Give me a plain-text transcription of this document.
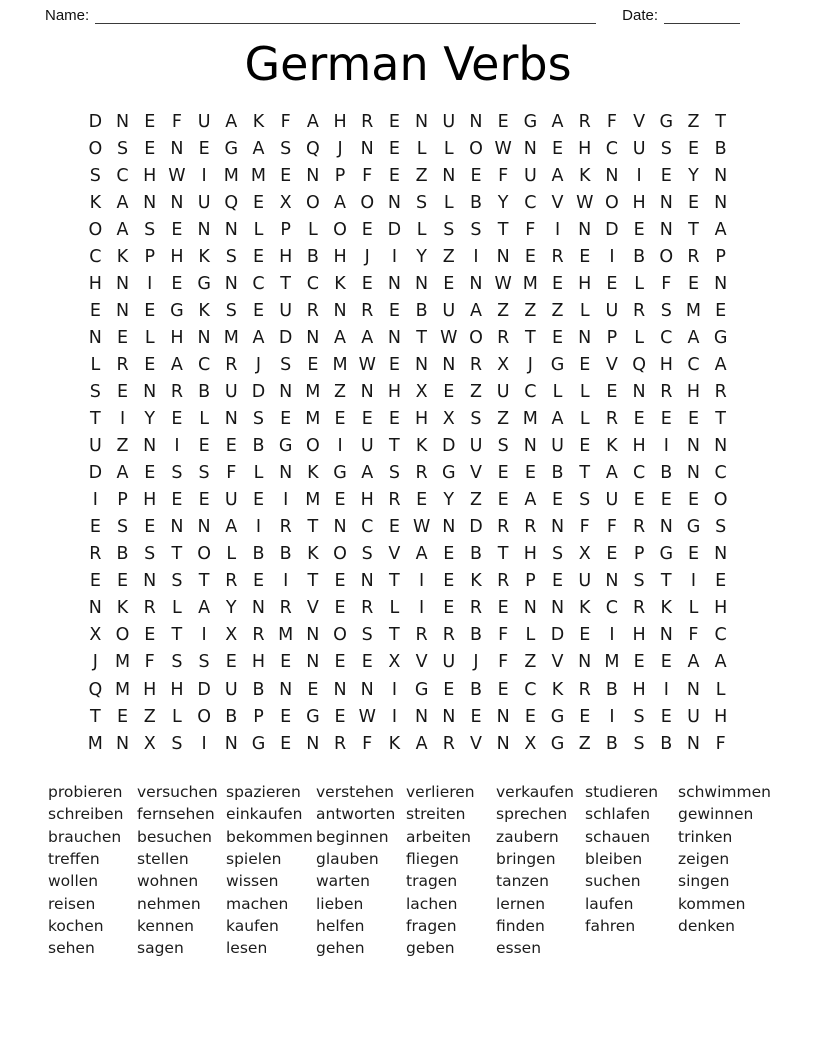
Name:	Date:
German Verbs
D N E F U A K F A H R E N U N E G A R F V G Z T
O S E N E G A S Q	J	N E L L O W N E H C U S E B
S C H W I M M E N P F E Z N E F U A K N	I	E Y N
K A N N U Q E X O A O N S L B Y C V W O H N E N
O A S E N N L P L O E D L S S T F	I	N D E N T A
C K P H K S E H B H	J	I	Y Z	I	N E R E	I	B O R P
H N	I	E G N C T C K E N N E N W M E H E L F E N
E N E G K S E U R N R E B U A Z Z Z L U R S M E
N E L H N M A D N A A N T W O R T E N P L C A G
L R E A C R	J	S E M W E N N R X	J	G E V Q H C A
S E N R B U D N M Z N H X E Z U C L L E N R H R
T	I	Y E L N S E M E E E H X S Z M A L R E E E T
U Z N	I	E E B G O	I	U T K D U S N U E K H	I	N N
D A E S S F L N K G A S R G V E E B T A C B N C
I	P H E E U E	I M E H R E Y Z E A E S U E E E O
E S E N N A	I	R T N C E W N D R R N F F R N G S
R B S T O L B B K O S V A E B T H S X E P G E N
E E N S T R E	I	T E N T	I	E K R P E U N S T	I	E
N K R L A Y N R V E R L	I	E R E N N K C R K L H
X O E T	I	X R M N O S T R R B F L D E	I	H N F C
J M F S S E H E N E E X V U	J	F Z V N M E E A A
Q M H H D U B N E N N	I	G E B E C K R B H	I	N L
T E Z L O B P E G E W I	N N E N E G E	I	S E U H
M N X S	I	N G E N R F K A R V N X G Z B S B N F
probieren
schreiben
brauchen
treffen
wollen
reisen
kochen
sehen
versuchen
fernsehen
besuchen
stellen
wohnen
nehmen
kennen
sagen
spazieren
einkaufen
bekommen
spielen
wissen
machen
kaufen
lesen
verstehen
antworten
beginnen
glauben
warten
lieben
helfen
gehen
verlieren
streiten
arbeiten
fliegen
tragen
lachen
fragen
geben
verkaufen
sprechen
zaubern
bringen
tanzen
lernen
finden
essen
studieren
schlafen
schauen
bleiben
suchen
laufen
fahren
schwimmen
gewinnen
trinken
zeigen
singen
kommen
denken
